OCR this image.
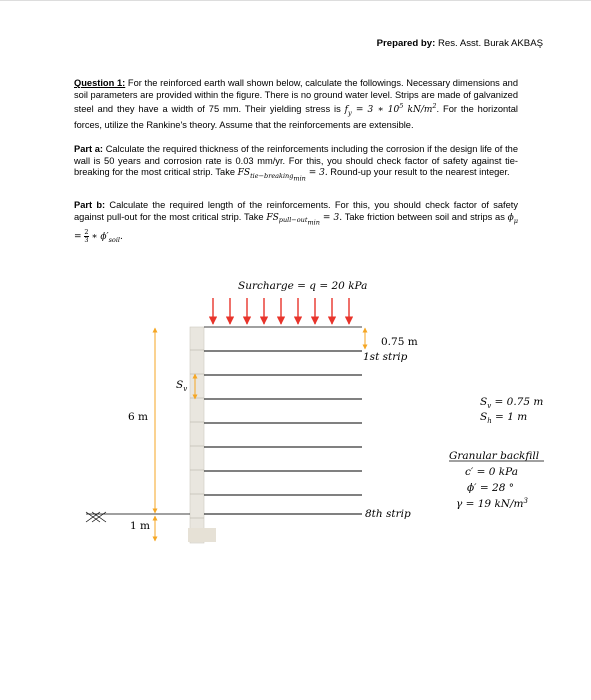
Prepared by: Res. Asst. Burak AKBAŞ

Question 1: For the reinforced earth wall shown below, calculate the followings. Necessary dimensions and soil parameters are provided within the figure. There is no ground water level. Strips are made of galvanized steel and they have a width of 75 mm. Their yielding stress is $f_y = 3$ ∗ $10^5$ $kN/m^2$. For the horizontal forces, utilize the Rankine's theory. Assume that the reinforcements are extensible.

Part a: Calculate the required thickness of the reinforcements including the corrosion if the design life of the wall is 50 years and corrosion rate is 0.03 mm/yr. For this, you should check factor of safety against tie-breaking for the most critical strip. Take $FS_{tie-breaking_{min}} = 3$. Round-up your result to the nearest integer.

Part b: Calculate the required length of the reinforcements. For this, you should check factor of safety against pull-out for the most critical strip. Take $FS_{pull-out_{min}} = 3$. Take friction between soil and strips as $\phi_\mu = \frac{2}{3}$ ∗ $\phi'_{soil}$.

Surcharge = q = 20 kPa
0.75 m
1st strip
8th strip
$S_v$
6 m
1 m
$S_v = 0.75$ m
$S_h = 1$ m
Granular backfill
c′ = 0 kPa
ϕ′ = 28 °
γ = 19 $kN/m^3$
